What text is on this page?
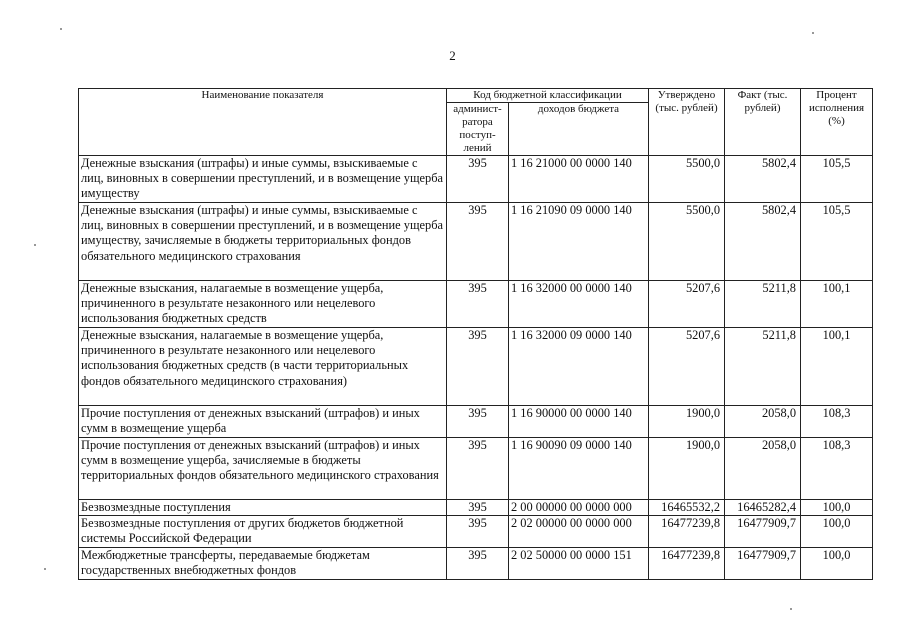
2
Наименование показателя	Код бюджетной классификации		Утверждено (тыс. рублей)	Факт (тыс. рублей)	Процент исполнения (%)
	админист-ратора поступ-лений	доходов бюджета			
Денежные взыскания (штрафы) и иные суммы, взыскиваемые с лиц, виновных в совершении преступлений, и в возмещение ущерба имуществу	395	1 16 21000 00 0000 140	5500,0	5802,4	105,5
Денежные взыскания (штрафы) и иные суммы, взыскиваемые с лиц, виновных в совершении преступлений, и в возмещение ущерба имуществу, зачисляемые в бюджеты территориальных фондов обязательного медицинского страхования	395	1 16 21090 09 0000 140	5500,0	5802,4	105,5
Денежные взыскания, налагаемые в возмещение ущерба, причиненного в результате незаконного или нецелевого использования бюджетных средств	395	1 16 32000 00 0000 140	5207,6	5211,8	100,1
Денежные взыскания, налагаемые в возмещение ущерба, причиненного в результате незаконного или нецелевого использования бюджетных средств (в части территориальных фондов обязательного медицинского страхования)	395	1 16 32000 09 0000 140	5207,6	5211,8	100,1
Прочие поступления от денежных взысканий (штрафов) и иных сумм в возмещение ущерба	395	1 16 90000 00 0000 140	1900,0	2058,0	108,3
Прочие поступления от денежных взысканий (штрафов) и иных сумм в возмещение ущерба, зачисляемые в бюджеты территориальных фондов обязательного медицинского страхования	395	1 16 90090 09 0000 140	1900,0	2058,0	108,3
Безвозмездные поступления	395	2 00 00000 00 0000 000	16465532,2	16465282,4	100,0
Безвозмездные поступления от других бюджетов бюджетной системы Российской Федерации	395	2 02 00000 00 0000 000	16477239,8	16477909,7	100,0
Межбюджетные трансферты, передаваемые бюджетам государственных внебюджетных фондов	395	2 02 50000 00 0000 151	16477239,8	16477909,7	100,0
